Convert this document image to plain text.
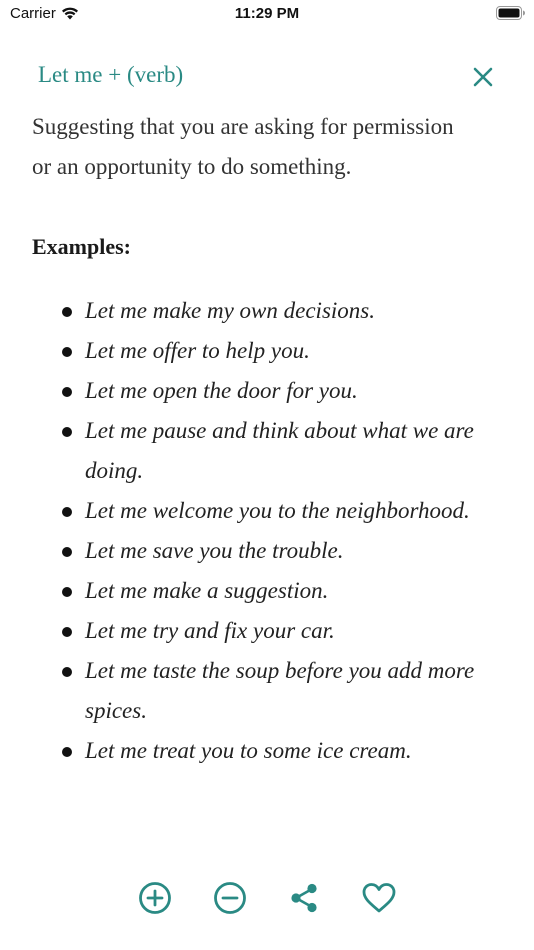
Carrier	11:29 PM
Let me + (verb)

Suggesting that you are asking for permission or an opportunity to do something.

Examples:
Let me make my own decisions.
Let me offer to help you.
Let me open the door for you.
Let me pause and think about what we are doing.
Let me welcome you to the neighborhood.
Let me save you the trouble.
Let me make a suggestion.
Let me try and fix your car.
Let me taste the soup before you add more spices.
Let me treat you to some ice cream.
